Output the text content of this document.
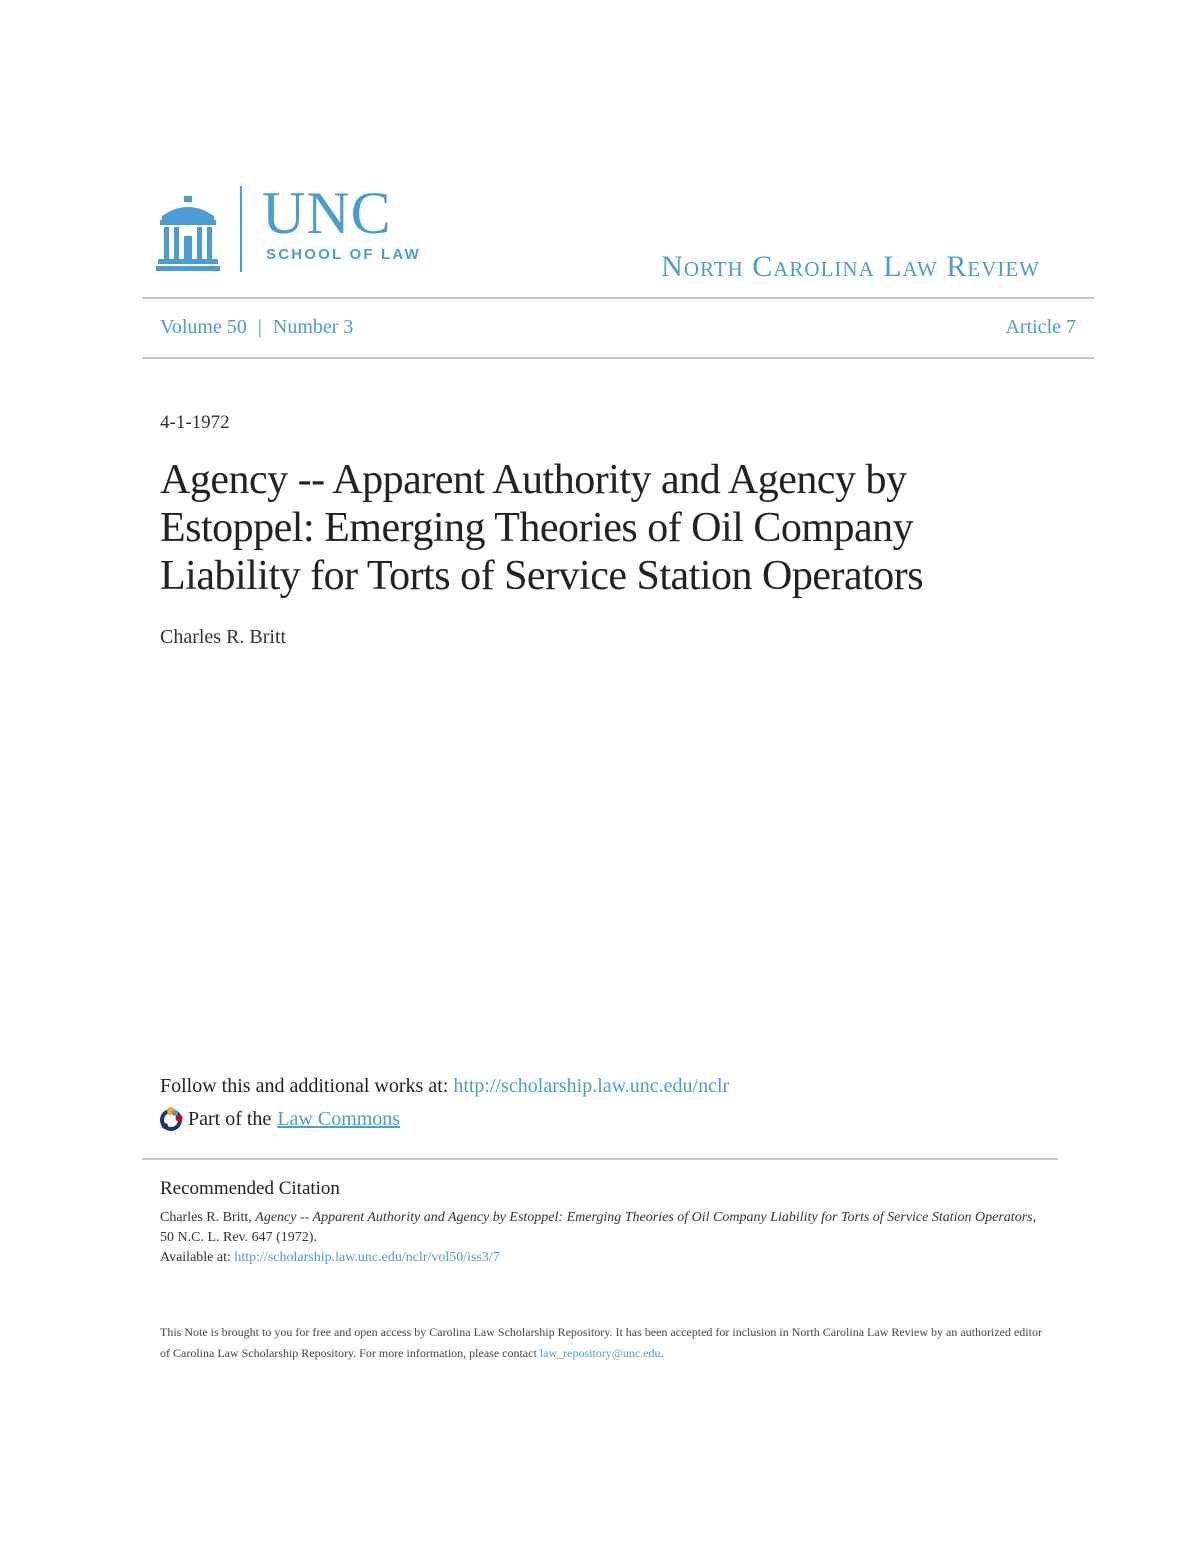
UNC
SCHOOL OF LAW	North Carolina Law Review
Volume 50 | Number 3	Article 7
4-1-1972
Agency -- Apparent Authority and Agency by Estoppel: Emerging Theories of Oil Company Liability for Torts of Service Station Operators
Charles R. Britt
Follow this and additional works at: http://scholarship.law.unc.edu/nclr
Part of the Law Commons
Recommended Citation
Charles R. Britt, Agency -- Apparent Authority and Agency by Estoppel: Emerging Theories of Oil Company Liability for Torts of Service Station Operators, 50 N.C. L. Rev. 647 (1972).
Available at: http://scholarship.law.unc.edu/nclr/vol50/iss3/7
This Note is brought to you for free and open access by Carolina Law Scholarship Repository. It has been accepted for inclusion in North Carolina Law Review by an authorized editor of Carolina Law Scholarship Repository. For more information, please contact law_repository@unc.edu.
